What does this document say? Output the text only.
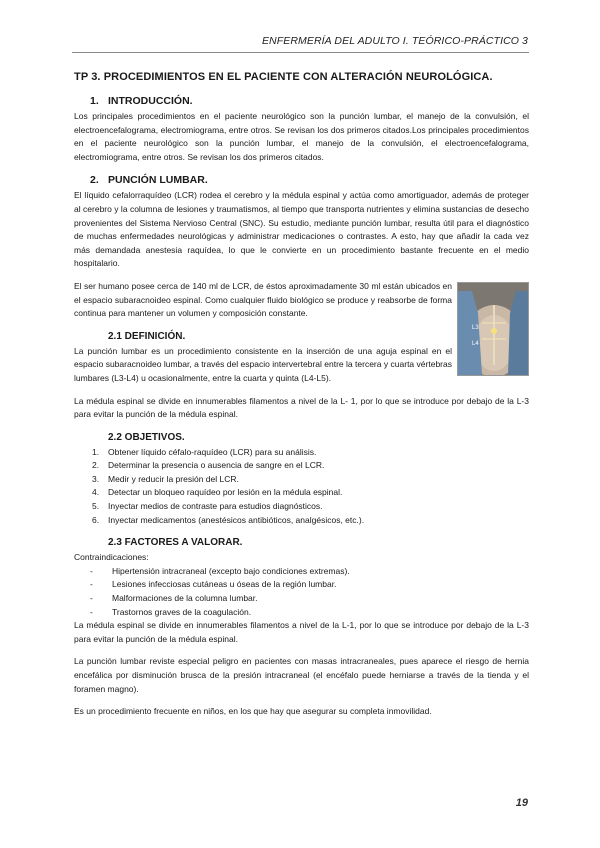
ENFERMERÍA DEL ADULTO I. TEÓRICO-PRÁCTICO 3
TP 3. PROCEDIMIENTOS EN EL PACIENTE CON ALTERACIÓN NEUROLÓGICA.
1. INTRODUCCIÓN.

Los principales procedimientos en el paciente neurológico son la punción lumbar, el manejo de la convulsión, el electroencefalograma, electromiograma, entre otros. Se revisan los dos primeros citados.Los principales procedimientos en el paciente neurológico son la punción lumbar, el manejo de la convulsión, el electroencefalograma, electromiograma, entre otros. Se revisan los dos primeros citados.

2. PUNCIÓN LUMBAR.

El líquido cefalorraquídeo (LCR) rodea el cerebro y la médula espinal y actúa como amortiguador, además de proteger al cerebro y la columna de lesiones y traumatismos, al tiempo que transporta nutrientes y elimina sustancias de desecho provenientes del Sistema Nervioso Central (SNC). Su estudio, mediante punción lumbar, resulta útil para el diagnóstico de muchas enfermedades neurológicas y administrar medicaciones o contrastes. A esto, hay que añadir la cada vez más demandada anestesia raquídea, lo que le convierte en un procedimiento bastante frecuente en el medio hospitalario.

L3
L4

El ser humano posee cerca de 140 ml de LCR, de éstos aproximadamente 30 ml están ubicados en el espacio subaracnoideo espinal. Como cualquier fluido biológico se produce y reabsorbe de forma continua para mantener un volumen y composición constante.

2.1 DEFINICIÓN.

La punción lumbar es un procedimiento consistente en la inserción de una aguja espinal en el espacio subaracnoideo lumbar, a través del espacio intervertebral entre la tercera y cuarta vértebras lumbares (L3-L4) u ocasionalmente, entre la cuarta y quinta (L4-L5).

La médula espinal se divide en innumerables filamentos a nivel de la L- 1, por lo que se introduce por debajo de la L-3 para evitar la punción de la médula espinal.

2.2 OBJETIVOS.
1. Obtener líquido céfalo-raquídeo (LCR) para su análisis.
2. Determinar la presencia o ausencia de sangre en el LCR.
3. Medir y reducir la presión del LCR.
4. Detectar un bloqueo raquídeo por lesión en la médula espinal.
5. Inyectar medios de contraste para estudios diagnósticos.
6. Inyectar medicamentos (anestésicos antibióticos, analgésicos, etc.).
2.3 FACTORES A VALORAR.

Contraindicaciones:

- Hipertensión intracraneal (excepto bajo condiciones extremas).
- Lesiones infecciosas cutáneas u óseas de la región lumbar.
- Malformaciones de la columna lumbar.
- Trastornos graves de la coagulación.

La médula espinal se divide en innumerables filamentos a nivel de la L-1, por lo que se introduce por debajo de la L-3 para evitar la punción de la médula espinal.

La punción lumbar reviste especial peligro en pacientes con masas intracraneales, pues aparece el riesgo de hernia encefálica por disminución brusca de la presión intracraneal (el encéfalo puede herniarse a través de la tienda y el foramen magno).

Es un procedimiento frecuente en niños, en los que hay que asegurar su completa inmovilidad.

19
